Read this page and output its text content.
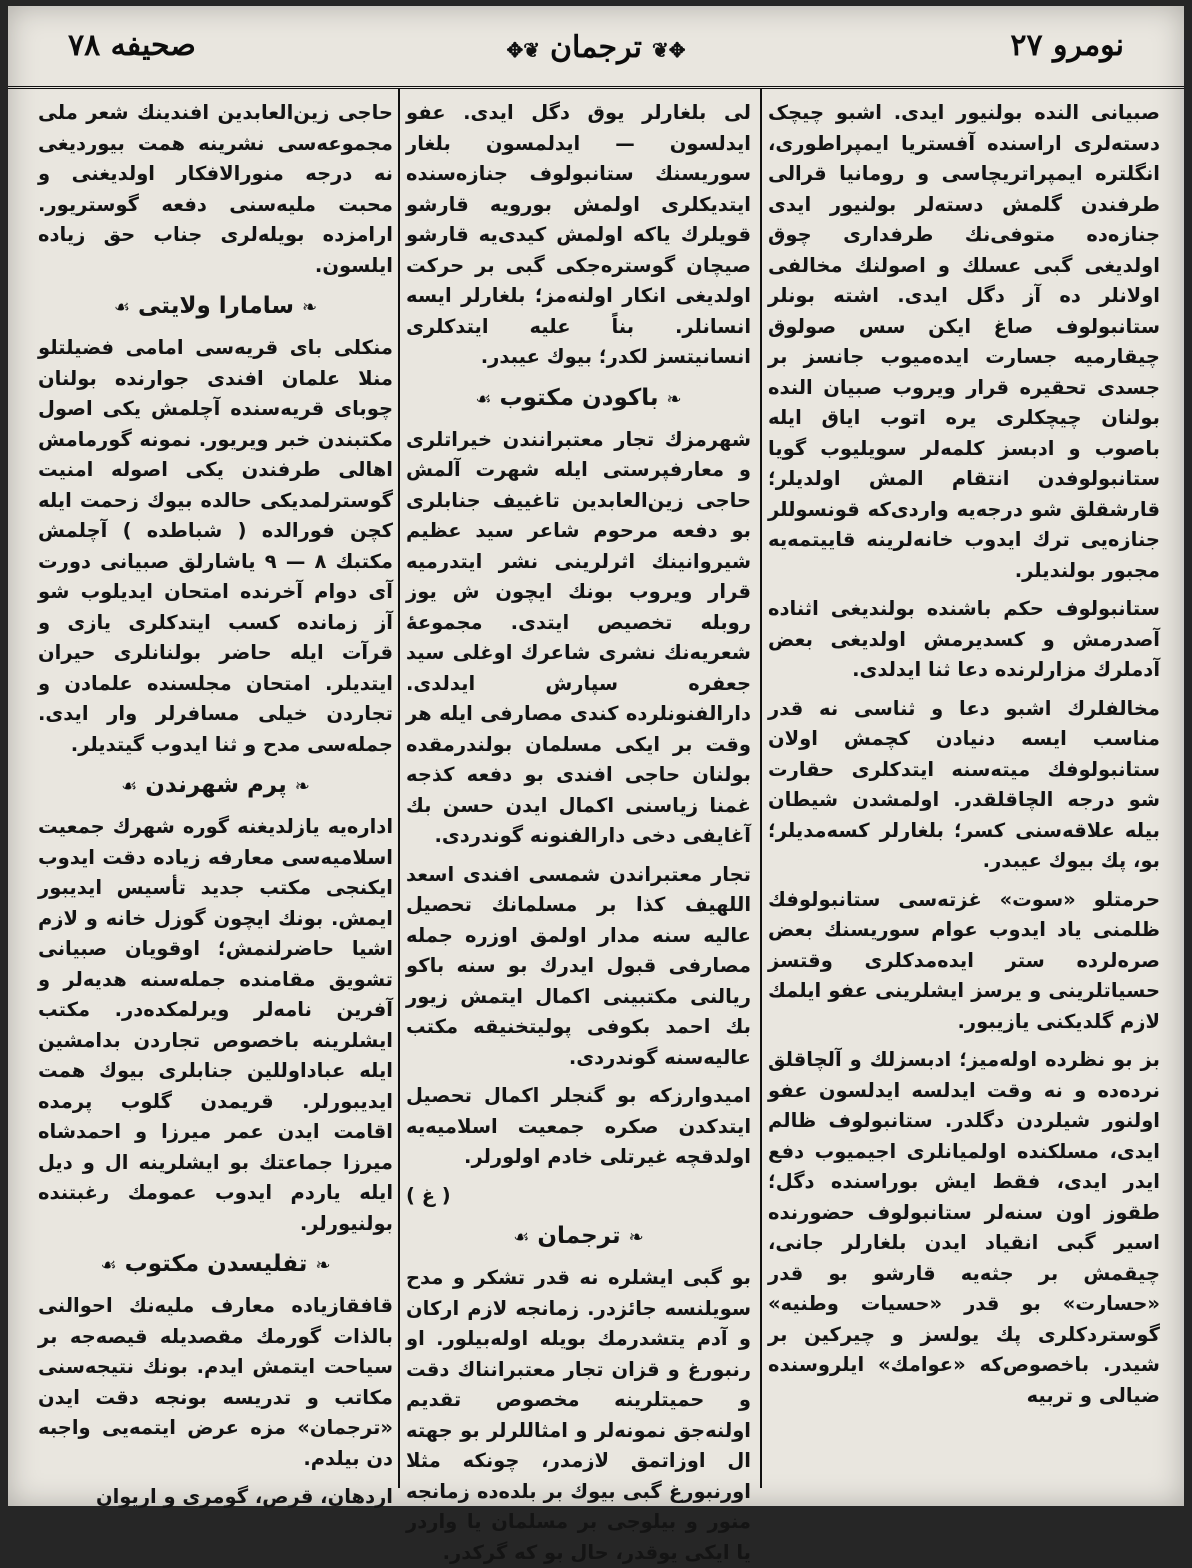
صحیفه ۷۸	✥❦ ترجمان ❦✥	نومرو ۲۷

صبیانی النده بولنیور ایدی. اشبو چیچک دسته‌لری اراسنده آفستریا ایمپراطوری، انگلتره ایمپراتریچاسی و رومانیا قرالی طرفندن گلمش دسته‌لر بولنیور ایدی جنازه‌ده متوفی‌نك طرفداری چوق اولدیغی گبی عسلك و اصولنك مخالفی اولانلر ده آز دگل ایدی. اشته بونلر ستانبولوف صاغ ایکن سس صولوق چیقارمیه جسارت ایده‌میوب جانسز بر جسدی تحقیره قرار ویروب صبیان النده بولنان چیچکلری یره اتوب ایاق ایله باصوب و ادبسز کلمه‌لر سویلیوب گویا ستانبولوفدن انتقام المش اولدیلر؛ قارشقلق شو درجه‌یه واردی‌که قونسوللر جنازه‌یی ترك ایدوب خانه‌لرینه قاییتمه‌یه مجبور بولندیلر.

ستانبولوف حکم باشنده بولندیغی اثناده آصدرمش و کسدیرمش اولدیغی بعض آدملرك مزارلرنده دعا ثنا ایدلدی.

مخالفلرك اشبو دعا و ثناسی نه قدر مناسب ایسه دنیادن کچمش اولان ستانبولوفك میته‌سنه ایتدکلری حقارت شو درجه الچاقلقدر. اولمشدن شیطان بیله علاقه‌سنی کسر؛ بلغارلر کسه‌مدیلر؛ بو، پك بیوك عیبدر.

حرمتلو «سوت» غزته‌سی ستانبولوفك ظلمنی یاد ایدوب عوام سوریسنك بعض صره‌لرده ستر ایده‌مدکلری وقتسز حسیاتلرینی و یرسز ایشلرینی عفو ایلمك لازم گلدیکنی یازیبور.

بز بو نظرده اوله‌میز؛ ادبسزلك و آلچاقلق نرده‌ده و نه وقت ایدلسه ایدلسون عفو اولنور شیلردن دگلدر. ستانبولوف ظالم ایدی، مسلکنده اولمیانلری اجیمیوب دفع ایدر ایدی، فقط ایش بوراسنده دگل؛ طقوز اون سنه‌لر ستانبولوف حضورنده اسیر گبی انقیاد ایدن بلغارلر جانی، چیقمش بر جثه‌یه قارشو بو قدر «حسارت» بو قدر «حسیات وطنیه» گوستردکلری پك یولسز و چیرکین بر شیدر. باخصوص‌که «عوامك» ایلروسنده ضیالی و تربیه

لی بلغارلر یوق دگل ایدی. عفو ایدلسون — ایدلمسون بلغار سوریسنك ستانبولوف جنازه‌سنده ایتدیکلری اولمش بورویه قارشو قویلرك یاکه اولمش کیدی‌یه قارشو صیچان گوستره‌جکی گبی بر حرکت اولدیغی انکار اولنه‌مز؛ بلغارلر ایسه انسانلر. بناً علیه ایتدکلری انسانیتسز لکدر؛ بیوك عیبدر.

❧باکودن مکتوب☙

شهرمزك تجار معتبرانندن خیراتلری و معارفپرستی ایله شهرت آلمش حاجی زین‌العابدین تاغییف جنابلری بو دفعه مرحوم شاعر سید عظیم شیروانینك اثرلرینی نشر ایتدرمیه قرار ویروب بونك ایچون ش یوز روبله تخصیص ایتدی. مجموعهٔ شعریه‌نك نشری شاعرك اوغلی سید جعفره سپارش ایدلدی. دارالفنونلرده کندی مصارفی ایله هر وقت بر ایکی مسلمان بولندرمقده بولنان حاجی افندی بو دفعه کذجه غمنا زیاسنی اکمال ایدن حسن بك آغایفی دخی دارالفنونه گوندردی.

تجار معتبراندن شمسی افندی اسعد اللهیف کذا بر مسلمانك تحصیل عالیه سنه مدار اولمق اوزره جمله مصارفی قبول ایدرك بو سنه باکو ریالنی مکتبینی اکمال ایتمش زیور بك احمد بکوفی پولیتخنیقه مکتب عالیه‌سنه گوندردی.

امیدوارزکه بو گنجلر اکمال تحصیل ایتدکدن صکره جمعیت اسلامیه‌یه اولدقچه غیرتلی خادم اولورلر.

( غ )
❧ترجمان☙

بو گبی ایشلره نه قدر تشکر و مدح سویلنسه جائزدر. زمانجه لازم ارکان و آدم یتشدرمك بویله اوله‌بیلور. او رنبورغ و قزان تجار معتبرانناك دقت و حمیتلرینه مخصوص تقدیم اولنه‌جق نمونه‌لر و امثاللرلر بو جهته ال اوزاتمق لازمدر، چونکه مثلا اورنبورغ گبی بیوك بر بلده‌ده زمانجه منور و بیلوجی بر مسلمان یا واردر یا ایکی یوقدر، حال بو که گرکدر.

حاجی زین‌العابدین افندینك شعر ملی مجموعه‌سی نشرینه همت بیوردیغی نه درجه منورالافکار اولدیغنی و محبت ملیه‌سنی دفعه گوستریور. ارامزده بویله‌لری جناب حق زیاده ایلسون.

❧سامارا ولایتی☙

منکلی بای قریه‌سی امامی فضیلتلو منلا علمان افندی جوارنده بولنان چوبای قریه‌سنده آچلمش یکی اصول مکتبندن خبر ویریور. نمونه گورمامش اهالی طرفندن یکی اصوله امنیت گوسترلمدیکی حالده بیوك زحمت ایله کچن فورالده ( شباطده ) آچلمش مکتبك ۸ — ۹ یاشارلق صبیانی دورت آی دوام آخرنده امتحان ایدیلوب شو آز زمانده کسب ایتدکلری یازی و قرآت ایله حاضر بولنانلری حیران ایتدیلر. امتحان مجلسنده علمادن و تجاردن خیلی مسافرلر وار ایدی. جمله‌سی مدح و ثنا ایدوب گیتدیلر.

❧پرم شهرندن☙

اداره‌یه یازلدیغنه گوره شهرك جمعیت اسلامیه‌سی معارفه زیاده دقت ایدوب ایکنجی مکتب جدید تأسیس ایدیبور ایمش. بونك ایچون گوزل خانه و لازم اشیا حاضرلنمش؛ اوقویان صبیانی تشویق مقامنده جمله‌سنه هدیه‌لر و آفرین نامه‌لر ویرلمکده‌در. مکتب ایشلرینه باخصوص تجاردن بدامشین ایله عباداوللین جنابلری بیوك همت ایدیبورلر. قریمدن گلوب پرمده اقامت ایدن عمر میرزا و احمدشاه میرزا جماعتك بو ایشلرینه ال و دیل ایله یاردم ایدوب عمومك رغبتنده بولنیورلر.

❧تفلیسدن مکتوب☙

قافقازیاده معارف ملیه‌نك احوالنی بالذات گورمك مقصدیله قیصه‌جه بر سیاحت ایتمش ایدم. بونك نتیجه‌سنی مکاتب و تدریسه بونجه دقت ایدن «ترجمان» مزه عرض ایتمه‌یی واجبه دن بیلدم.

اردهان، قرص، گومری و اریوان
